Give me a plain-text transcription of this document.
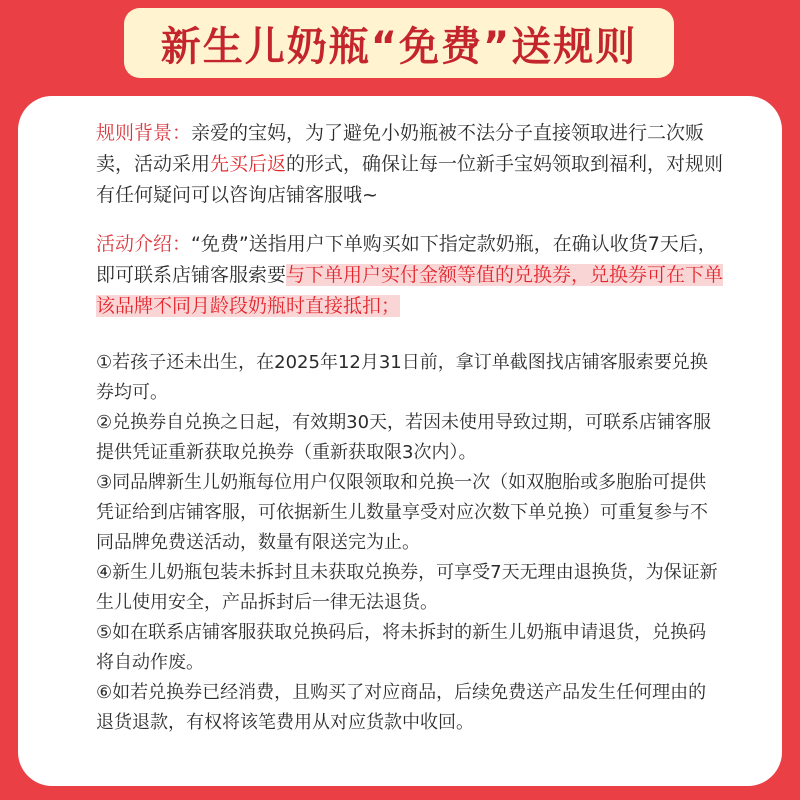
新生儿奶瓶“免费”送规则

规则背景：亲爱的宝妈，为了避免小奶瓶被不法分子直接领取进行二次贩卖，活动采用先买后返的形式，确保让每一位新手宝妈领取到福利，对规则有任何疑问可以咨询店铺客服哦~

活动介绍：“免费”送指用户下单购买如下指定款奶瓶，在确认收货7天后，即可联系店铺客服索要与下单用户实付金额等值的兑换券，兑换券可在下单该品牌不同月龄段奶瓶时直接抵扣；

①若孩子还未出生，在2025年12月31日前，拿订单截图找店铺客服索要兑换券均可。

②兑换券自兑换之日起，有效期30天，若因未使用导致过期，可联系店铺客服提供凭证重新获取兑换券（重新获取限3次内）。

③同品牌新生儿奶瓶每位用户仅限领取和兑换一次（如双胞胎或多胞胎可提供凭证给到店铺客服，可依据新生儿数量享受对应次数下单兑换）可重复参与不同品牌免费送活动，数量有限送完为止。

④新生儿奶瓶包装未拆封且未获取兑换券，可享受7天无理由退换货，为保证新生儿使用安全，产品拆封后一律无法退货。

⑤如在联系店铺客服获取兑换码后，将未拆封的新生儿奶瓶申请退货，兑换码将自动作废。

⑥如若兑换券已经消费，且购买了对应商品，后续免费送产品发生任何理由的退货退款，有权将该笔费用从对应货款中收回。
